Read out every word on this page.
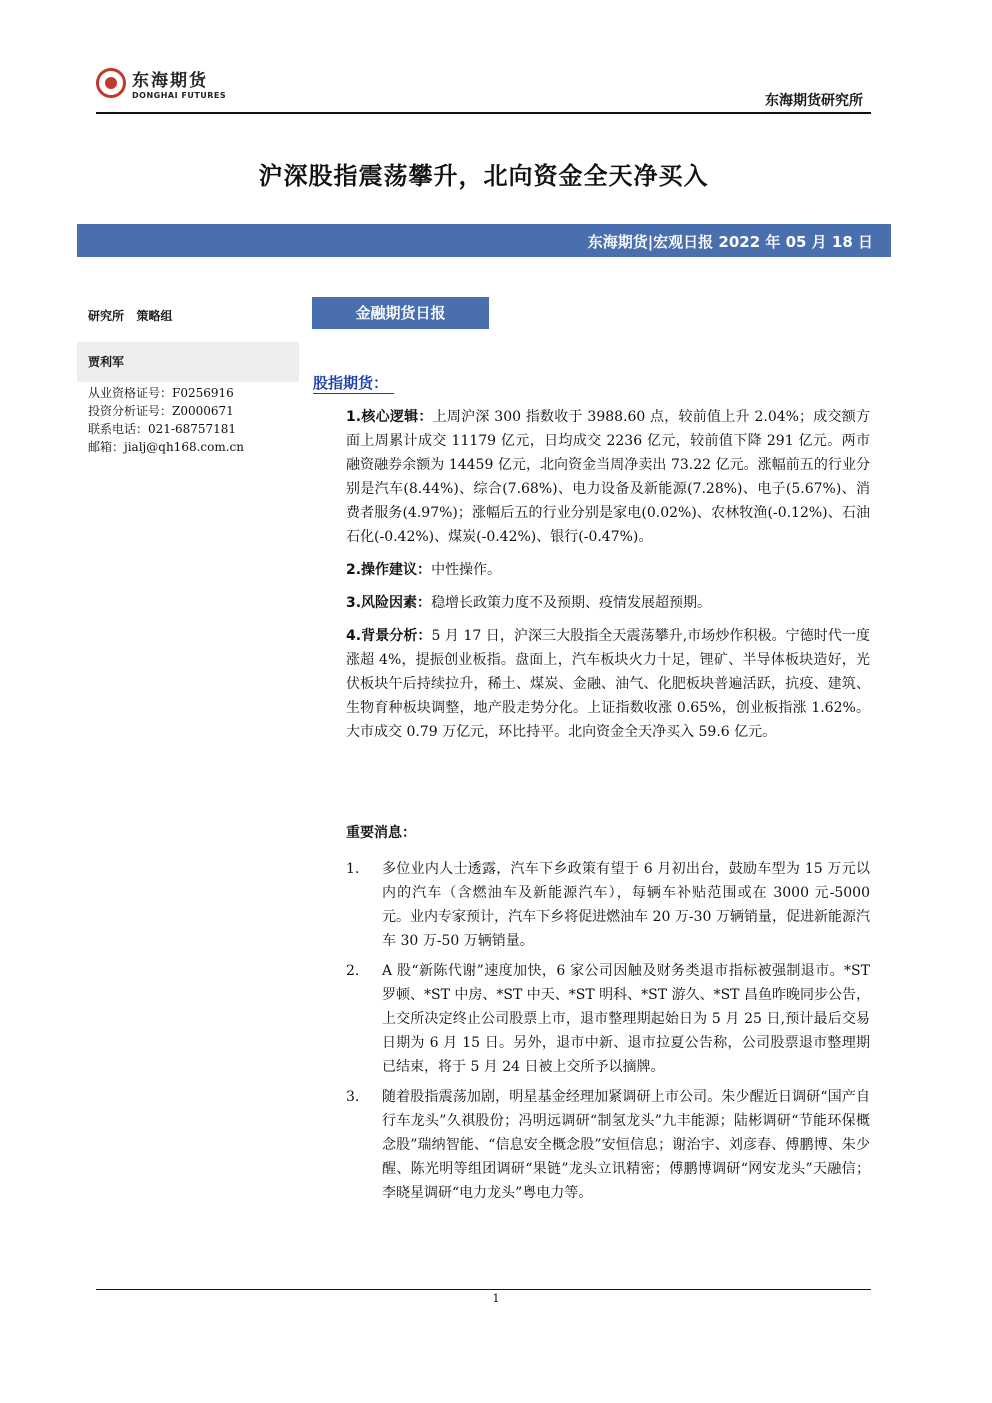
东海期货
DONGHAI FUTURES	东海期货研究所
沪深股指震荡攀升，北向资金全天净买入
东海期货|宏观日报 2022 年 05 月 18 日
研究所   策略组
贾利军
从业资格证号：F0256916
投资分析证号：Z0000671
联系电话：021-68757181
邮箱：jialj@qh168.com.cn
金融期货日报
股指期货：

1.核心逻辑：上周沪深 300 指数收于 3988.60 点，较前值上升 2.04%；成交额方面上周累计成交 11179 亿元，日均成交 2236 亿元，较前值下降 291 亿元。两市融资融券余额为 14459 亿元，北向资金当周净卖出 73.22 亿元。涨幅前五的行业分别是汽车(8.44%)、综合(7.68%)、电力设备及新能源(7.28%)、电子(5.67%)、消费者服务(4.97%)；涨幅后五的行业分别是家电(0.02%)、农林牧渔(-0.12%)、石油石化(-0.42%)、煤炭(-0.42%)、银行(-0.47%)。

2.操作建议：中性操作。

3.风险因素：稳增长政策力度不及预期、疫情发展超预期。

4.背景分析：5 月 17 日，沪深三大股指全天震荡攀升,市场炒作积极。宁德时代一度涨超 4%，提振创业板指。盘面上，汽车板块火力十足，锂矿、半导体板块造好，光伏板块午后持续拉升，稀土、煤炭、金融、油气、化肥板块普遍活跃，抗疫、建筑、生物育种板块调整，地产股走势分化。上证指数收涨 0.65%，创业板指涨 1.62%。大市成交 0.79 万亿元，环比持平。北向资金全天净买入 59.6 亿元。

重要消息：
1.	多位业内人士透露，汽车下乡政策有望于 6 月初出台，鼓励车型为 15 万元以内的汽车（含燃油车及新能源汽车），每辆车补贴范围或在 3000 元-5000 元。业内专家预计，汽车下乡将促进燃油车 20 万-30 万辆销量，促进新能源汽车 30 万-50 万辆销量。
2.	A 股“新陈代谢”速度加快，6 家公司因触及财务类退市指标被强制退市。*ST 罗顿、*ST 中房、*ST 中天、*ST 明科、*ST 游久、*ST 昌鱼昨晚同步公告，上交所决定终止公司股票上市，退市整理期起始日为 5 月 25 日,预计最后交易日期为 6 月 15 日。另外，退市中新、退市拉夏公告称，公司股票退市整理期已结束，将于 5 月 24 日被上交所予以摘牌。
3.	随着股指震荡加剧，明星基金经理加紧调研上市公司。朱少醒近日调研“国产自行车龙头”久祺股份；冯明远调研“制氢龙头”九丰能源；陆彬调研“节能环保概念股”瑞纳智能、“信息安全概念股”安恒信息；谢治宇、刘彦春、傅鹏博、朱少醒、陈光明等组团调研“果链”龙头立讯精密；傅鹏博调研“网安龙头”天融信；李晓星调研“电力龙头”粤电力等。
1
